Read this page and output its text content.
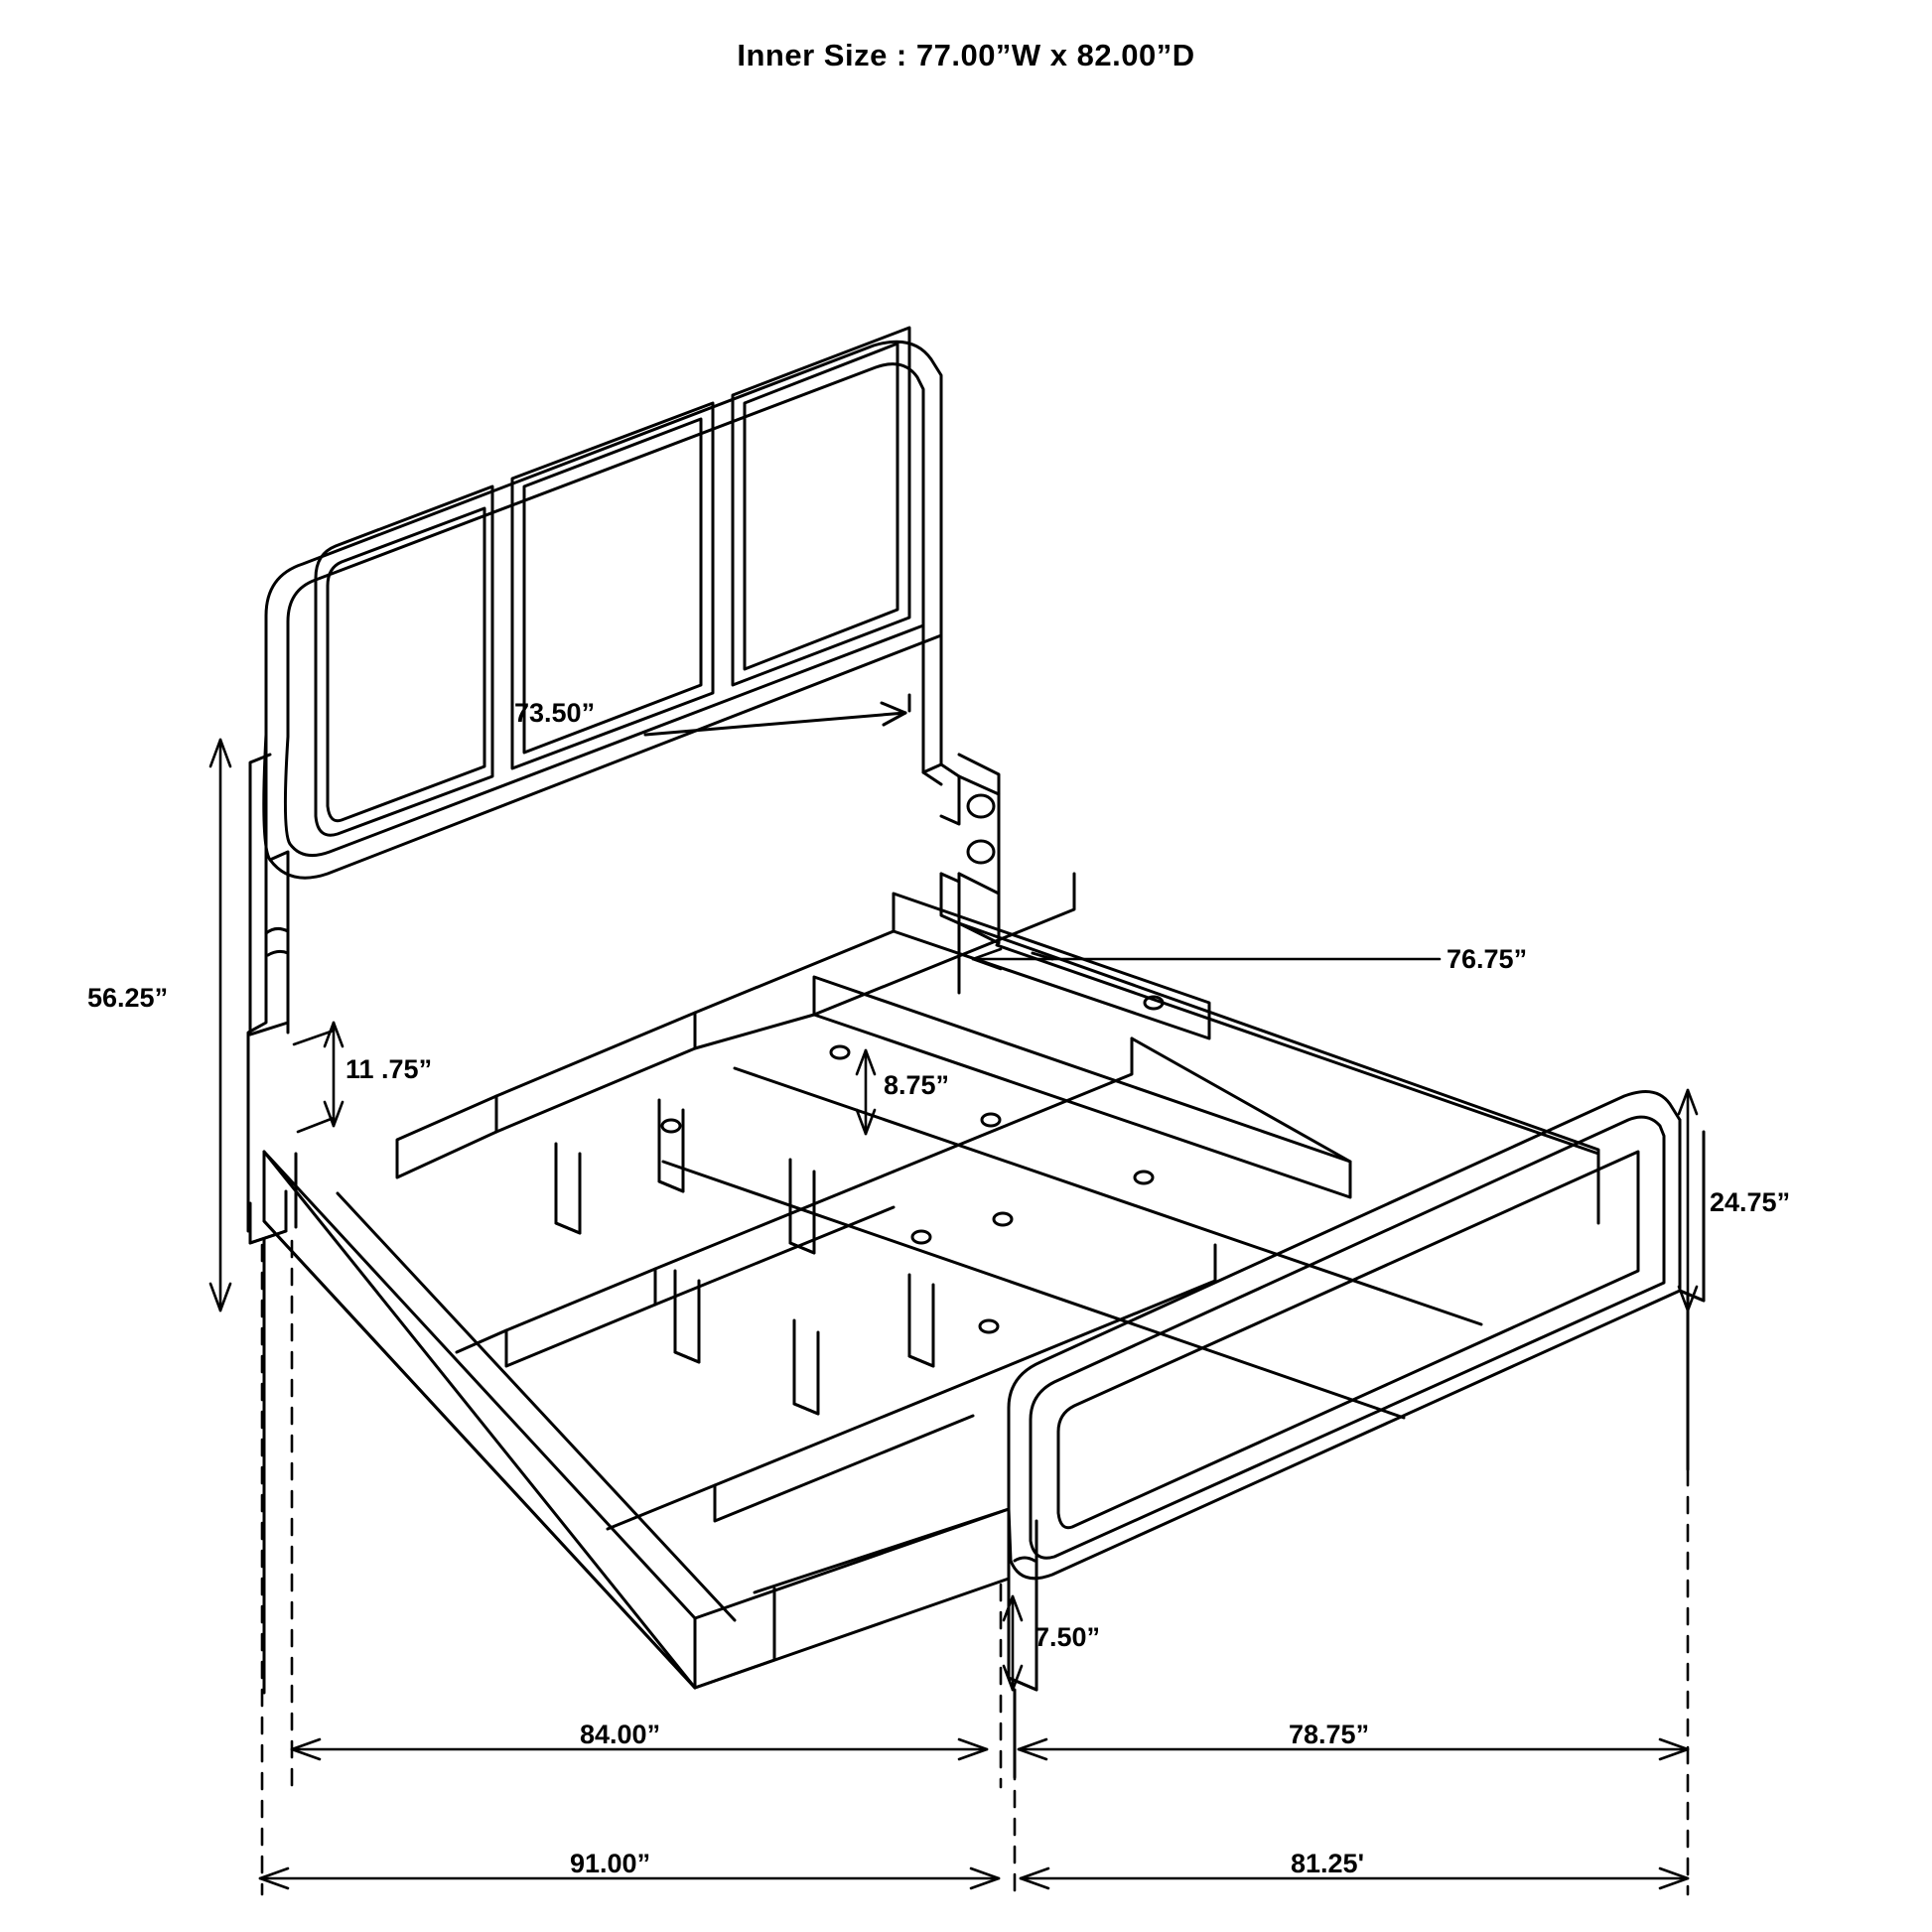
Inner Size : 77.00”W x 82.00”D
56.25”
73.50”
76.75”
11 .75”
8.75”
24.75”
7.50”
84.00”	78.75”
91.00”	81.25'
